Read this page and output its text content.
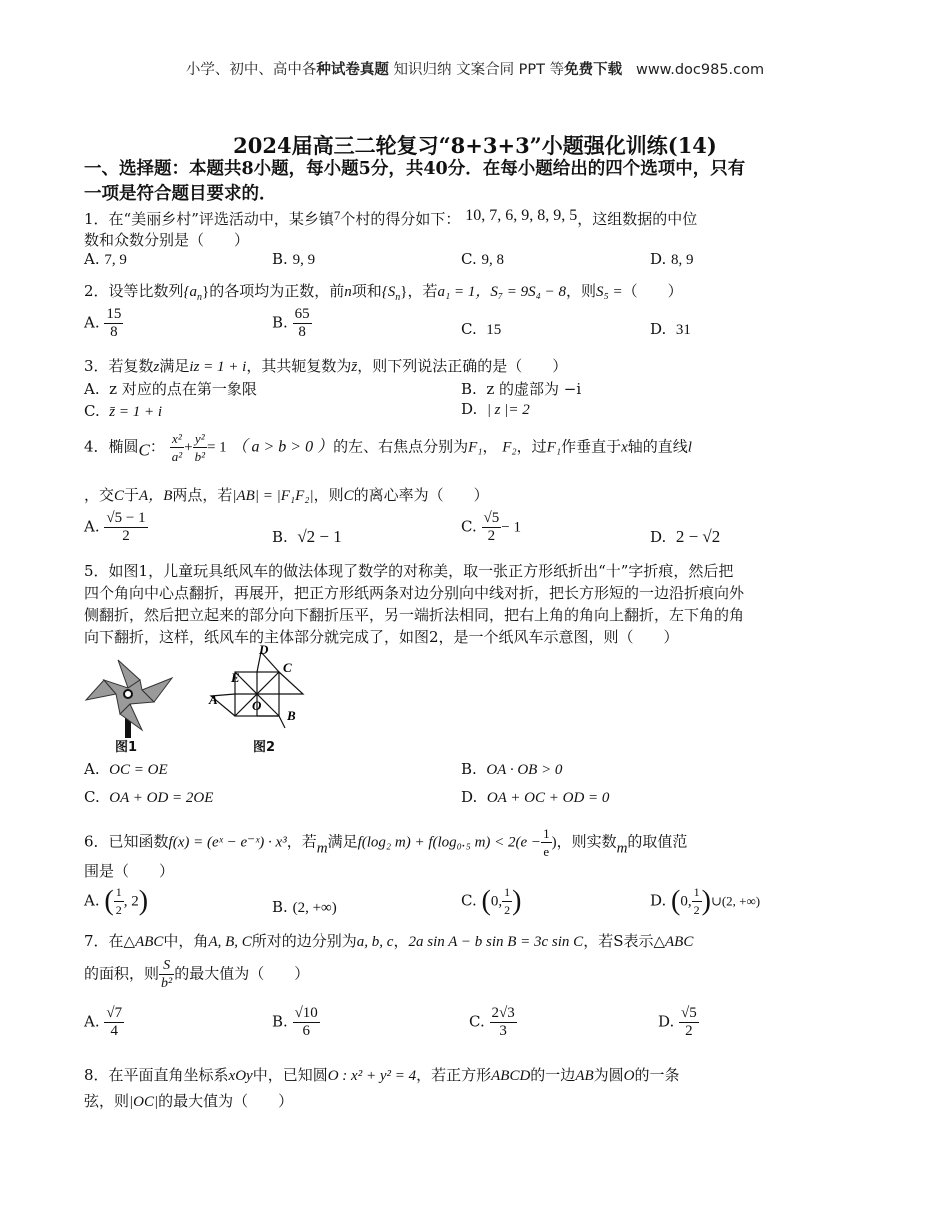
小学、初中、高中各种试卷真题 知识归纳 文案合同 PPT 等免费下载 www.doc985.com
2024届高三二轮复习“8+3+3”小题强化训练(14)
一、选择题：本题共8小题，每小题5分，共40分．在每小题给出的四个选项中，只有
一项是符合题目要求的．
1．在“美丽乡村”评选活动中，某乡镇7个村的得分如下： 10, 7, 6, 9, 8, 9, 5，这组数据的中位
数和众数分别是（　　）
A. 7, 9	B. 9, 9	C. 9, 8	D. 8, 9
2．设等比数列$\{a_n\}$的各项均为正数，前n项和$\{S_n\}$，若a₁ = 1，S₇ = 9S₄ − 8，则S₅ =（　　）
A. $\frac{15}{8}$	B. $\frac{65}{8}$	C. 15	D. 31
3．若复数z满足iz = 1 + i，其共轭复数为z̄，则下列说法正确的是（　　）
A. z 对应的点在第一象限	B. z 的虚部为 −i
C. z̄ = 1 + i	D. | z |= 2
4．椭圆C： $\frac{\text{x²}}{\text{a²}} + \frac{\text{y²}}{\text{b²}} = 1$ （ a > b > 0 ）的左、右焦点分别为F₁， F₂，过F₁作垂直于x轴的直线l
，交C于A，B两点，若|AB| = |F₁F₂|，则C的离心率为（　　）
A. $\frac{√5 - 1}{2}$	B. √2 − 1
C. $\frac{√5}{2} - 1$
D. 2 − √2
5．如图1，儿童玩具纸风车的做法体现了数学的对称美，取一张正方形纸折出“十”字折痕，然后把
四个角向中心点翻折，再展开，把正方形纸两条对边分别向中线对折，把长方形短的一边沿折痕向外
侧翻折，然后把立起来的部分向下翻折压平，另一端折法相同，把右上角的角向上翻折，左下角的角
向下翻折，这样，纸风车的主体部分就完成了，如图2，是一个纸风车示意图，则（　　）
图1
D
E
C
A	O
B
图2
A. OC = OE	B. OA · OB > 0
C. OA + OD = 2OE	D. OA + OC + OD = 0
6．已知函数f(x) = (eˣ − e⁻ˣ) · x³，若m满足f(log₂ m) + f(log₀.₅ $m) < 2(e - \frac{1}{e}$ )，则实数m的取值范
围是（　　）
A. ( $\frac{1}{2}$ , 2)	B. (2, +∞)	C. (0, $\frac{1}{2}$ )	D. (0, $\frac{1}{2}$ )∪(2, +∞)
7．在△ABC中，角A, B, C所对的边分别为a, b, c，2a sin A − b sin B = 3c sin C，若S表示△ABC
的面积，则 $\frac{S}{\text{b²}}$ 的最大值为（　　）
A. $\frac{√7}{4}$	B. $\frac{√10}{6}$	C. $\frac{2√3}{3}$	D. $\frac{√5}{2}$
8．在平面直角坐标系xOy中，已知圆O : x² + y² = 4，若正方形ABCD的一边AB为圆O的一条
弦，则|OC|的最大值为（　　）
